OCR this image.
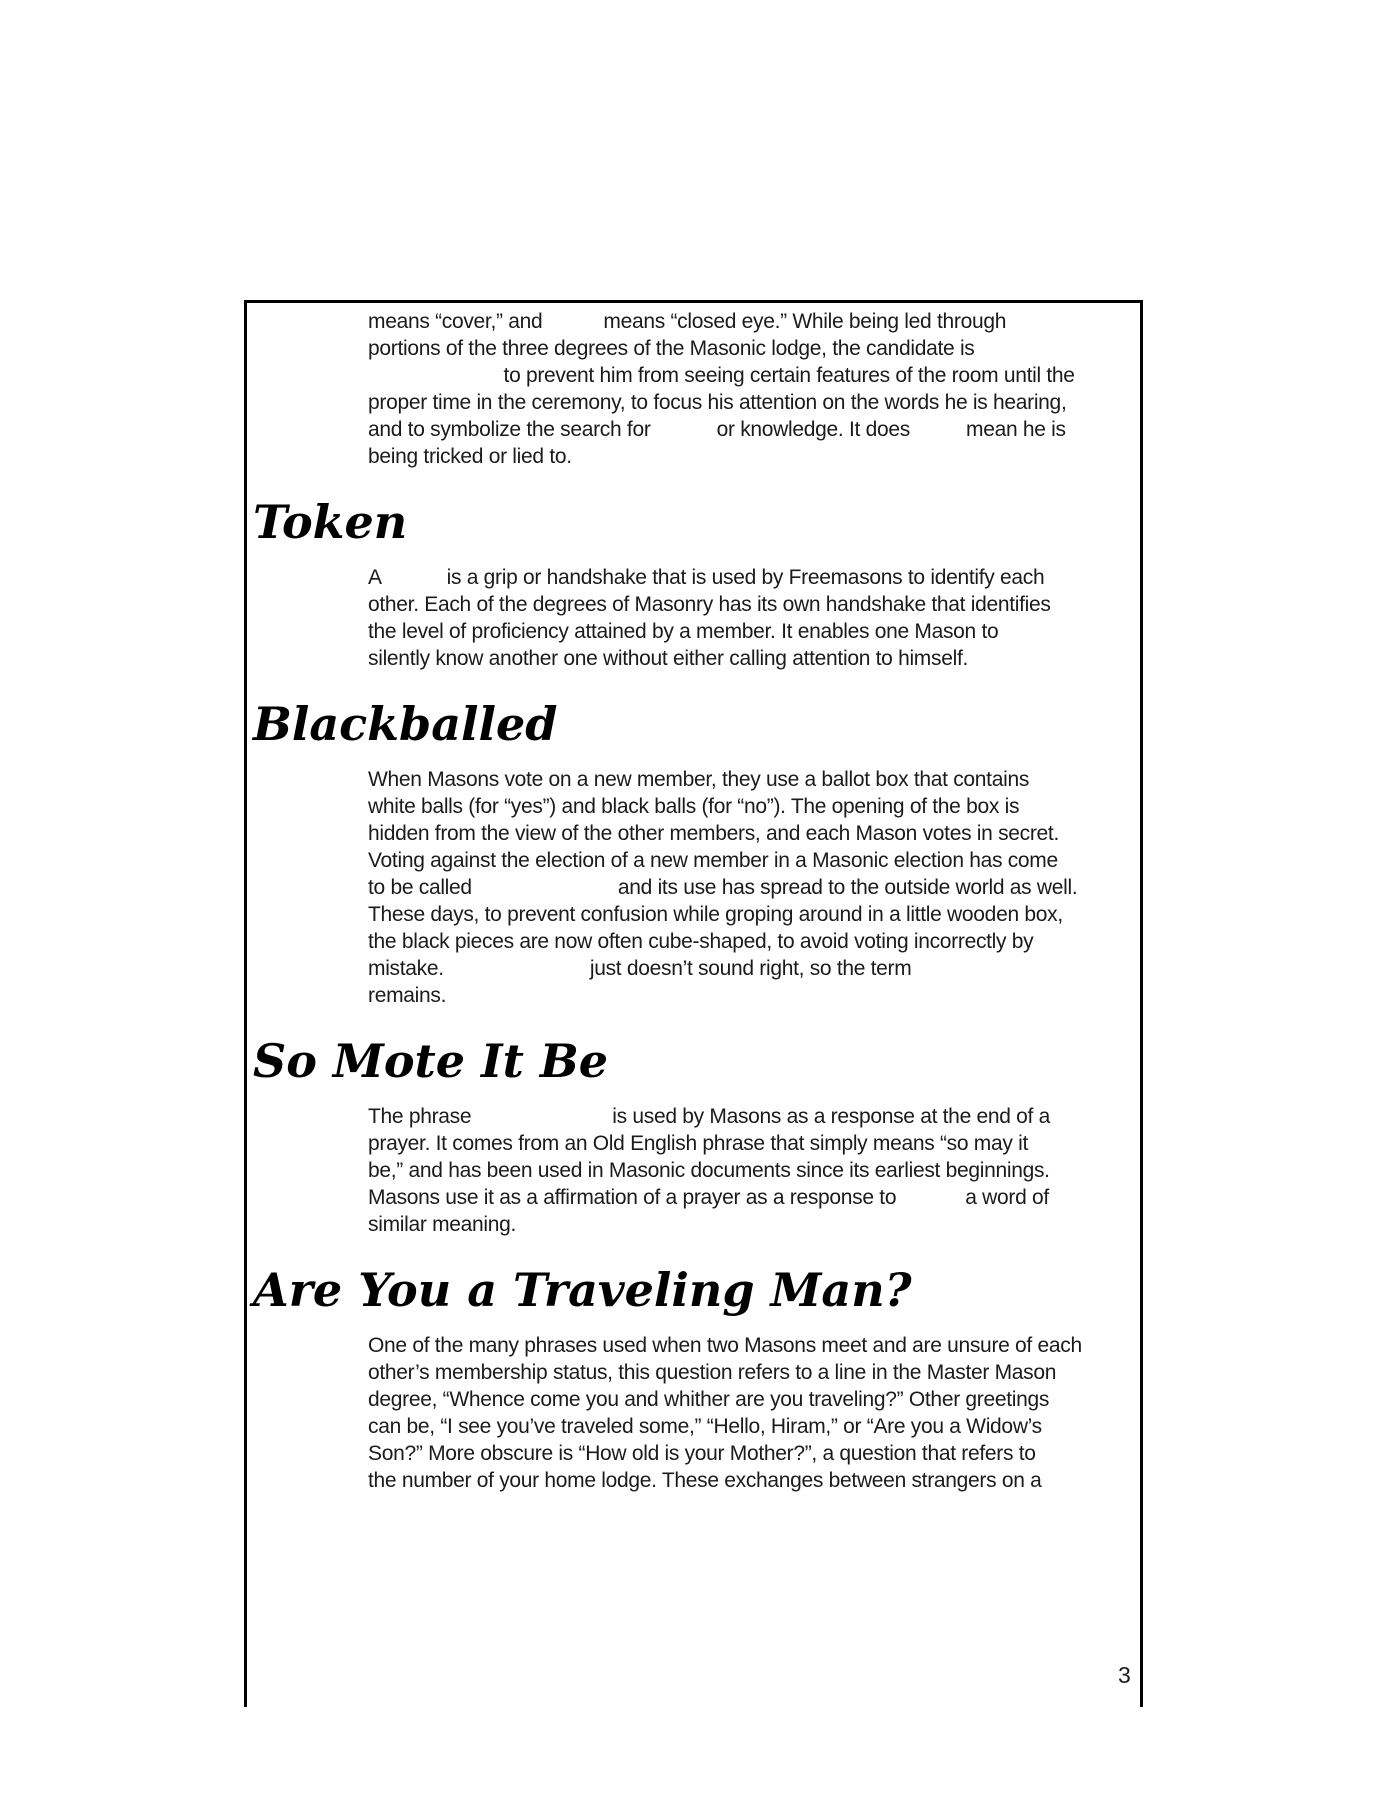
means “cover,” and  means “closed eye.” While being led through
portions of the three degrees of the Masonic lodge, the candidate is
to prevent him from seeing certain features of the room until the
proper time in the ceremony, to focus his attention on the words he is hearing,
and to symbolize the search for	or knowledge. It does  mean he is
being tricked or lied to.
Token
A	is a grip or handshake that is used by Freemasons to identify each
other. Each of the degrees of Masonry has its own handshake that identifies
the level of proficiency attained by a member. It enables one Mason to
silently know another one without either calling attention to himself.
Blackballed
When Masons vote on a new member, they use a ballot box that contains
white balls (for “yes”) and black balls (for “no”). The opening of the box is
hidden from the view of the other members, and each Mason votes in secret.
Voting against the election of a new member in a Masonic election has come
to be called	and its use has spread to the outside world as well.
These days, to prevent confusion while groping around in a little wooden box,
the black pieces are now often cube-shaped, to avoid voting incorrectly by
mistake.	just doesn’t sound right, so the term
remains.
So Mote It Be
The phrase	is used by Masons as a response at the end of a
prayer. It comes from an Old English phrase that simply means “so may it
be,” and has been used in Masonic documents since its earliest beginnings.
Masons use it as a affirmation of a prayer as a response to	a word of
similar meaning.
Are You a Traveling Man?
One of the many phrases used when two Masons meet and are unsure of each
other’s membership status, this question refers to a line in the Master Mason
degree, “Whence come you and whither are you traveling?” Other greetings
can be, “I see you’ve traveled some,” “Hello, Hiram,” or “Are you a Widow’s
Son?” More obscure is “How old is your Mother?”, a question that refers to
the number of your home lodge. These exchanges between strangers on a
3
